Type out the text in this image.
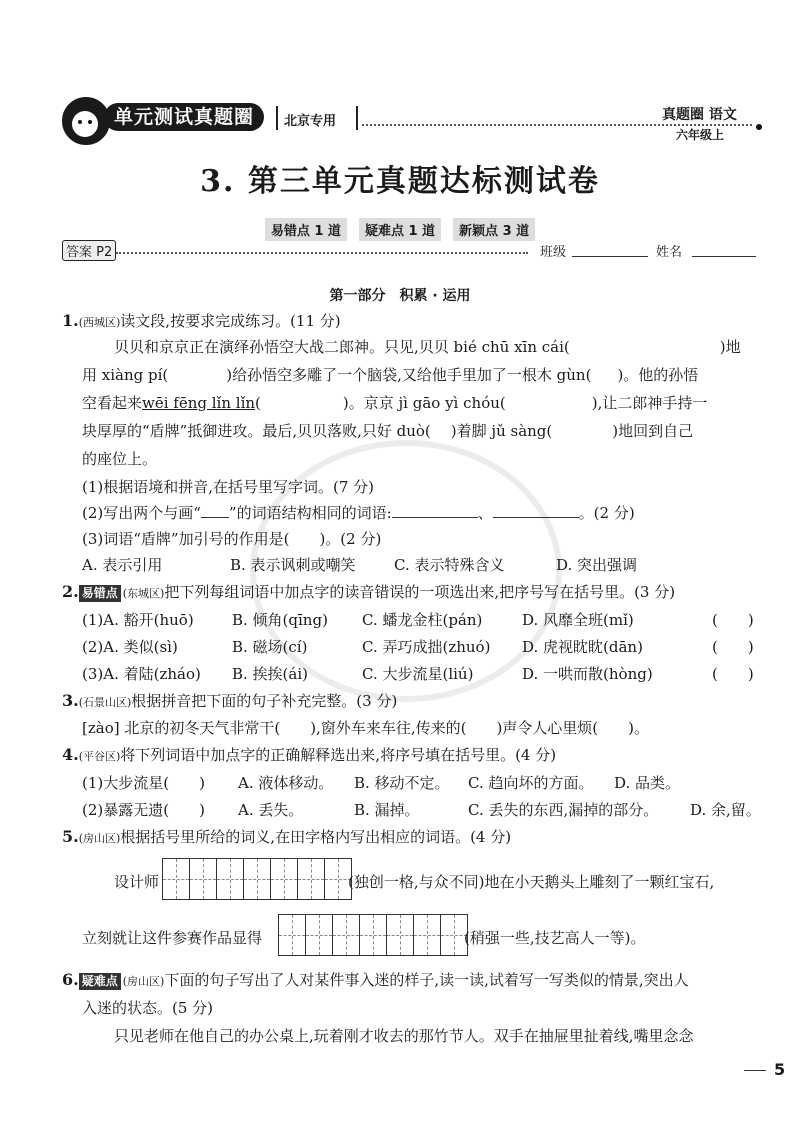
单元测试真题圈	北京专用	真题圈 语文
六年级上
3. 第三单元真题达标测试卷
易错点 1 道 疑难点 1 道 新颖点 3 道
答案 P2	班级	姓名
第一部分　积累 · 运用
1.(西城区)读文段,按要求完成练习。(11 分)
贝贝和京京正在演绎孙悟空大战二郎神。只见,贝贝 bié chū xīn cái(	)地
用 xiàng pí(	)给孙悟空多雕了一个脑袋,又给他手里加了一根木 gùn( )。他的孙悟
空看起来wēi fēng lǐn lǐn(	)。京京 jì gāo yì chóu(	),让二郎神手持一
块厚厚的“盾牌”抵御进攻。最后,贝贝落败,只好 duò( )着脚 jǔ sàng(	)地回到自己
的座位上。
(1)根据语境和拼音,在括号里写字词。(7 分)
(2)写出两个与画“ ”的词语结构相同的词语:	、	。(2 分)
(3)词语“盾牌”加引号的作用是(　　)。(2 分)
A. 表示引用	B. 表示讽刺或嘲笑	C. 表示特殊含义	D. 突出强调
2. 易错点 (东城区)把下列每组词语中加点字的读音错误的一项选出来,把序号写在括号里。(3 分)
(1)A. 豁开(huō)	B. 倾角(qīng) C. 蟠龙金柱(pán)	D. 风靡全班(mǐ)	(　　)
(2)A. 类似(sì)	B. 磁场(cí)	C. 弄巧成拙(zhuó) D. 虎视眈眈(dān)	(　　)
(3)A. 着陆(zháo) B. 挨挨(ái)	C. 大步流星(liú)	D. 一哄而散(hòng)	(　　)
3.(石景山区)根据拼音把下面的句子补充完整。(3 分)
[zào] 北京的初冬天气非常干(　　),窗外车来车往,传来的(　　)声令人心里烦(　　)。
4.(平谷区)将下列词语中加点字的正确解释选出来,将序号填在括号里。(4 分)
(1)大步流星(　　) A. 液体移动。 B. 移动不定。 C. 趋向坏的方面。 D. 品类。
(2)暴露无遗(　　) A. 丢失。	B. 漏掉。	C. 丢失的东西,漏掉的部分。 D. 余,留。
5.(房山区)根据括号里所给的词义,在田字格内写出相应的词语。(4 分)
设计师	(独创一格,与众不同)地在小天鹅头上雕刻了一颗红宝石,
立刻就让这件参赛作品显得	(稍强一些,技艺高人一等)。
6. 疑难点 (房山区)下面的句子写出了人对某件事入迷的样子,读一读,试着写一写类似的情景,突出人
入迷的状态。(5 分)
只见老师在他自己的办公桌上,玩着刚才收去的那竹节人。双手在抽屉里扯着线,嘴里念念
5
